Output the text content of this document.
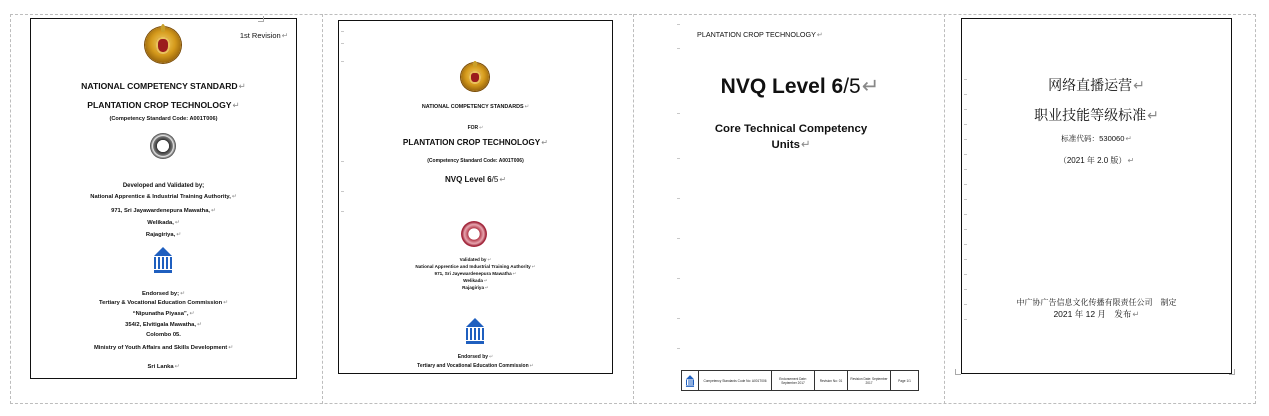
1st Revision ↵
NATIONAL COMPETENCY STANDARD ↵
PLANTATION CROP TECHNOLOGY ↵
(Competency Standard Code: A001T006)
Developed and Validated by;
National Apprentice & Industrial Training Authority, ↵
971, Sri Jayawardenepura Mawatha, ↵
Welikada, ↵
Rajagiriya, ↵
Endorsed by; ↵
Tertiary & Vocational Education Commission ↵
“Nipunatha Piyasa”, ↵
354/2, Elvitigala Mawatha, ↵
Colombo 05.
Ministry of Youth Affairs and Skills Development ↵
Sri Lanka ↵
NATIONAL COMPETENCY STANDARDS ↵
FOR ↵
PLANTATION CROP TECHNOLOGY ↵
(Competency Standard Code: A001T006)
NVQ Level 6/5 ↵
Validated by ↵
National Apprentice and Industrial Training Authority ↵
971, Sri Jayewardenepura Mawatha ↵
Welikada ↵
Rajagiriya ↵
Endorsed by ↵
Tertiary and Vocational Education Commission ↵
PLANTATION CROP TECHNOLOGY ↵
NVQ Level 6/5 ↵
Core Technical Competency
Units ↵
Competency Standards Code No: A001T006	Endorsement Date: September 2017	Revision No: 01	Revision Date: September 2017	Page 1/1
网络直播运营 ↵
职业技能等级标准 ↵
标准代码：530060 ↵
（2021 年 2.0 版） ↵
中广协广告信息文化传播有限责任公司　制定
2021 年 12 月　发布 ↵
